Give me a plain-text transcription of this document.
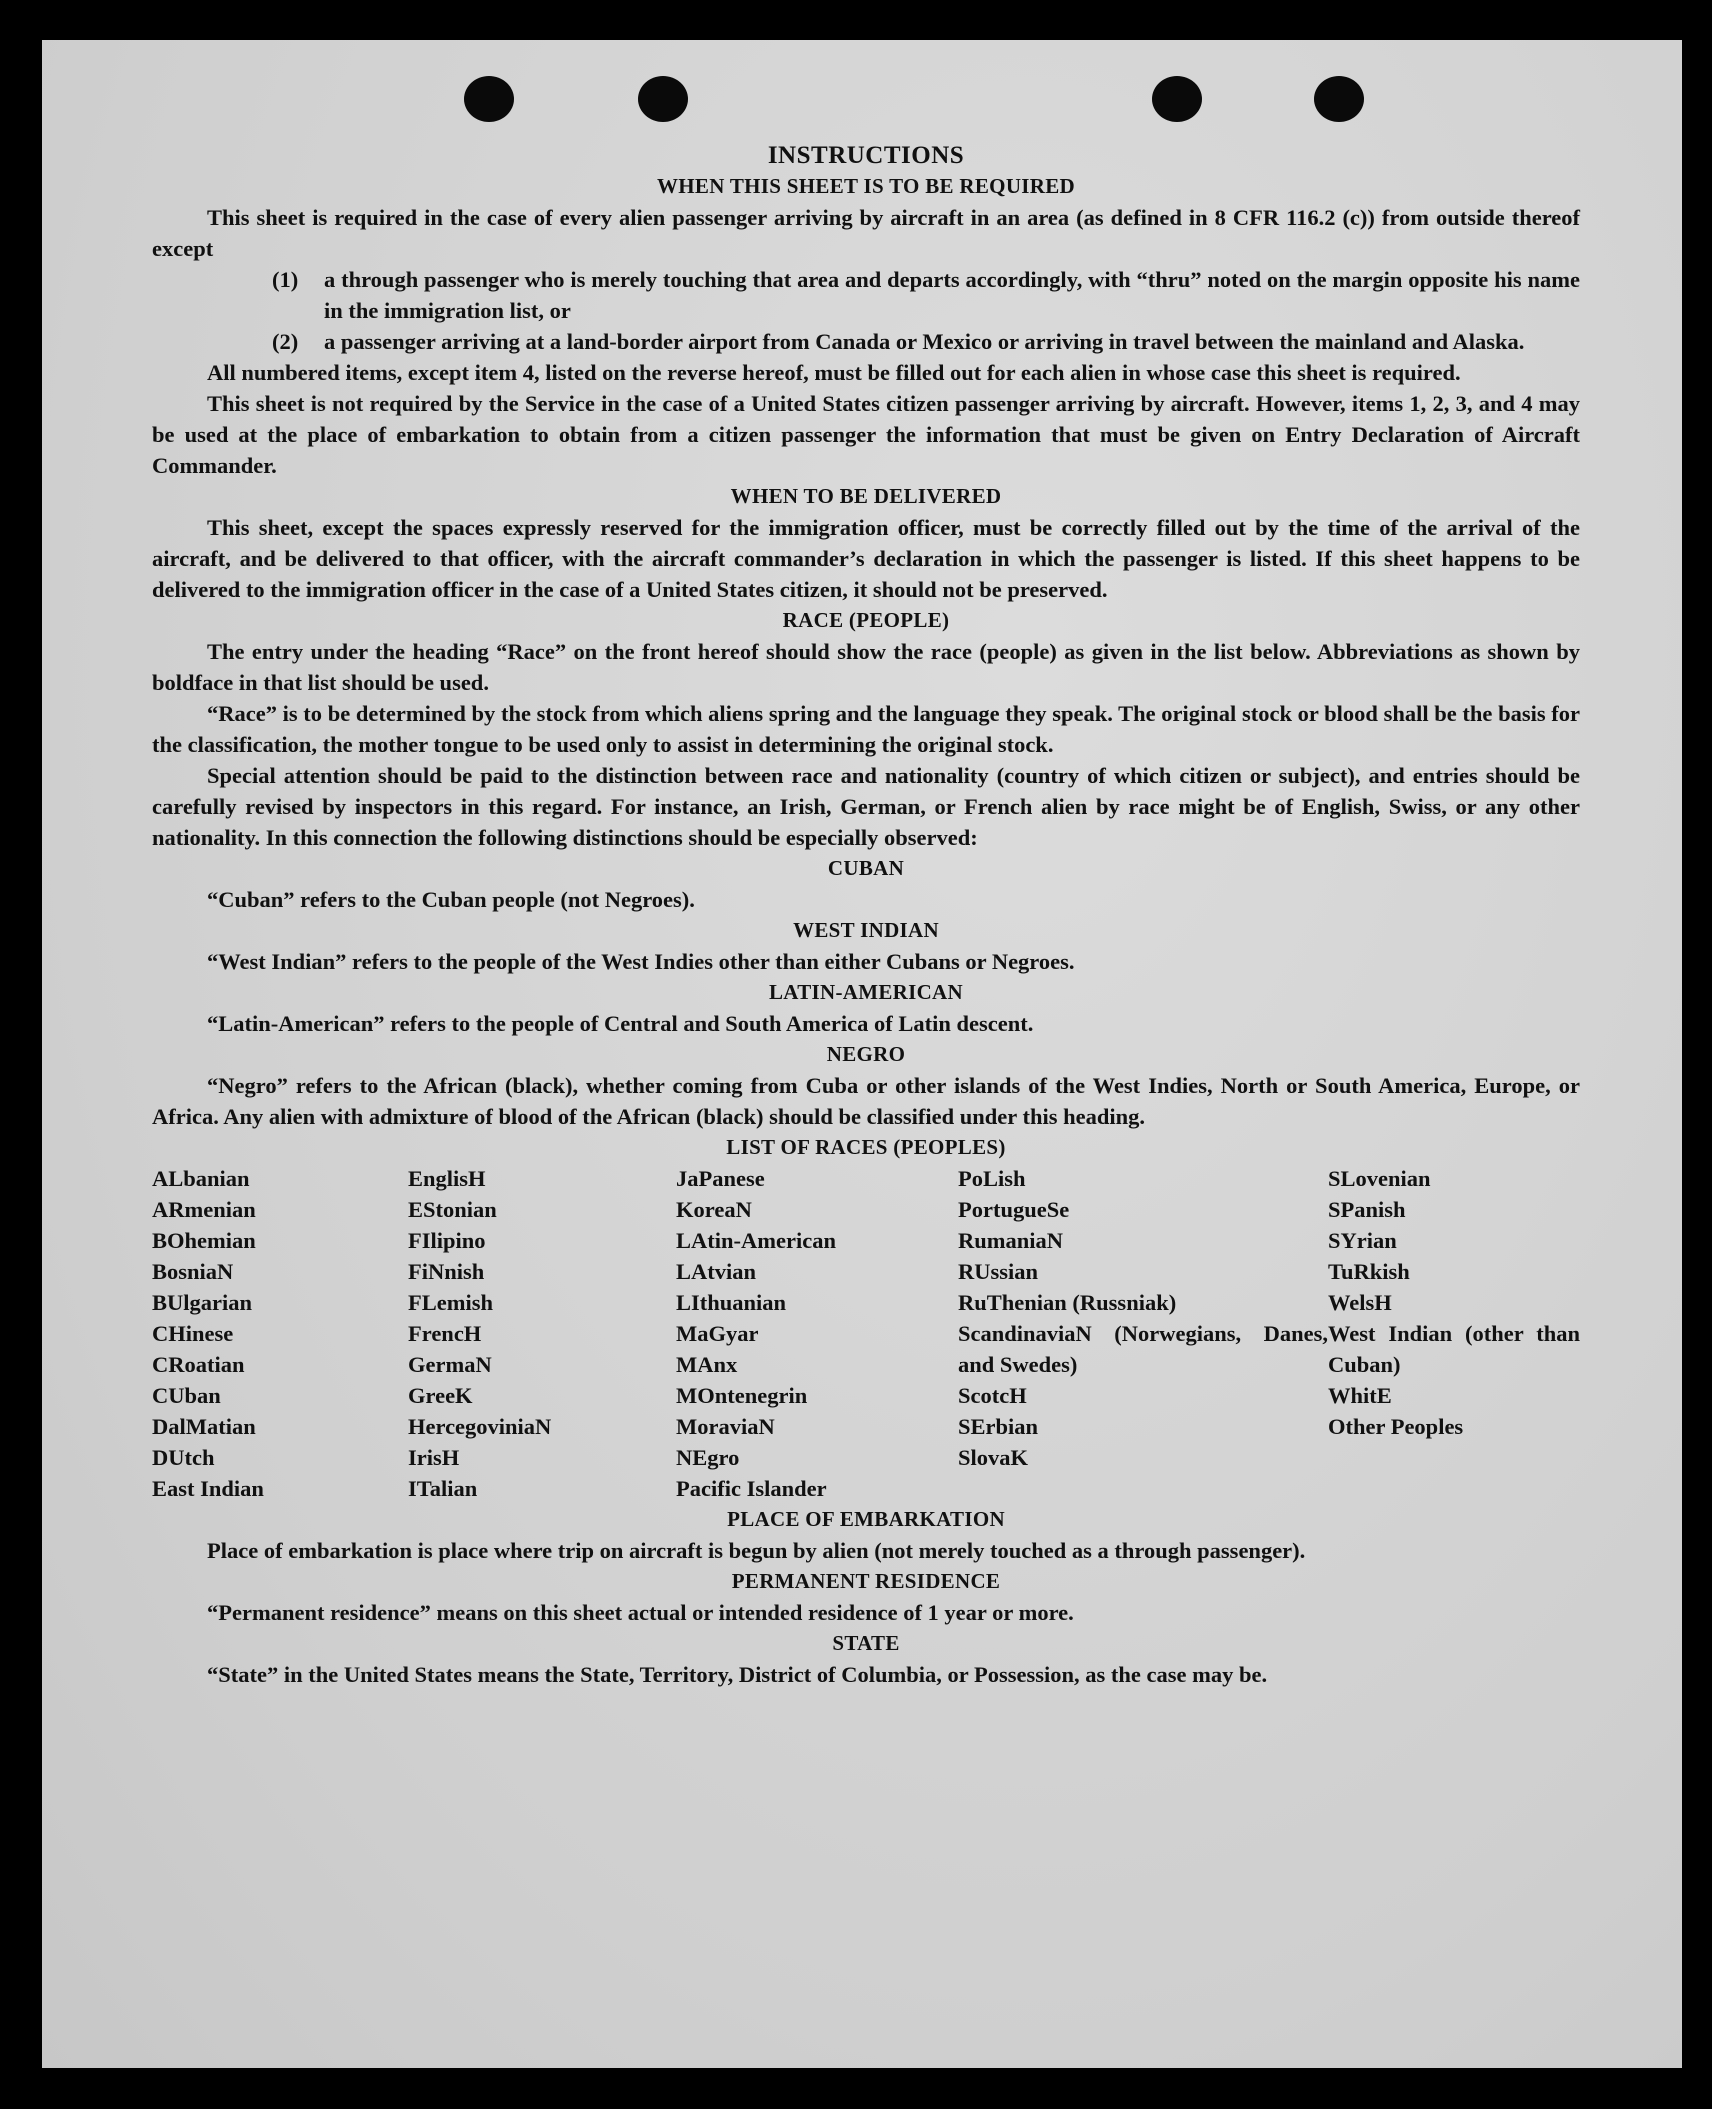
INSTRUCTIONS

WHEN THIS SHEET IS TO BE REQUIRED

This sheet is required in the case of every alien passenger arriving by aircraft in an area (as defined in 8 CFR 116.2 (c)) from outside thereof except

(1)	a through passenger who is merely touching that area and departs accordingly, with “thru” noted on the margin opposite his name in the immigration list, or
(2)	a passenger arriving at a land-border airport from Canada or Mexico or arriving in travel between the mainland and Alaska.

All numbered items, except item 4, listed on the reverse hereof, must be filled out for each alien in whose case this sheet is required.

This sheet is not required by the Service in the case of a United States citizen passenger arriving by aircraft. However, items 1, 2, 3, and 4 may be used at the place of embarkation to obtain from a citizen passenger the information that must be given on Entry Declaration of Aircraft Commander.

WHEN TO BE DELIVERED

This sheet, except the spaces expressly reserved for the immigration officer, must be correctly filled out by the time of the arrival of the aircraft, and be delivered to that officer, with the aircraft commander’s declaration in which the passenger is listed. If this sheet happens to be delivered to the immigration officer in the case of a United States citizen, it should not be preserved.

RACE (PEOPLE)

The entry under the heading “Race” on the front hereof should show the race (people) as given in the list below. Abbreviations as shown by boldface in that list should be used.

“Race” is to be determined by the stock from which aliens spring and the language they speak. The original stock or blood shall be the basis for the classification, the mother tongue to be used only to assist in determining the original stock.

Special attention should be paid to the distinction between race and nationality (country of which citizen or subject), and entries should be carefully revised by inspectors in this regard. For instance, an Irish, German, or French alien by race might be of English, Swiss, or any other nationality. In this connection the following distinctions should be especially observed:

CUBAN

“Cuban” refers to the Cuban people (not Negroes).

WEST INDIAN

“West Indian” refers to the people of the West Indies other than either Cubans or Negroes.

LATIN-AMERICAN

“Latin-American” refers to the people of Central and South America of Latin descent.

NEGRO

“Negro” refers to the African (black), whether coming from Cuba or other islands of the West Indies, North or South America, Europe, or Africa. Any alien with admixture of blood of the African (black) should be classified under this heading.

LIST OF RACES (PEOPLES)

ALbanian
ARmenian
BOhemian
BosniaN
BUlgarian
CHinese
CRoatian
CUban
DalMatian
DUtch
East Indian
EnglisH
EStonian
FIlipino
FiNnish
FLemish
FrencH
GermaN
GreeK
HercegoviniaN
IrisH
ITalian
JaPanese
KoreaN
LAtin-American
LAtvian
LIthuanian
MaGyar
MAnx
MOntenegrin
MoraviaN
NEgro
Pacific Islander
PoLish
PortugueSe
RumaniaN
RUssian
RuThenian (Russniak)
ScandinaviaN (Norwegians, Danes, and Swedes)
ScotcH
SErbian
SlovaK
SLovenian
SPanish
SYrian
TuRkish
WelsH
West Indian (other than Cuban)
WhitE
Other Peoples

PLACE OF EMBARKATION

Place of embarkation is place where trip on aircraft is begun by alien (not merely touched as a through passenger).

PERMANENT RESIDENCE

“Permanent residence” means on this sheet actual or intended residence of 1 year or more.

STATE

“State” in the United States means the State, Territory, District of Columbia, or Possession, as the case may be.
